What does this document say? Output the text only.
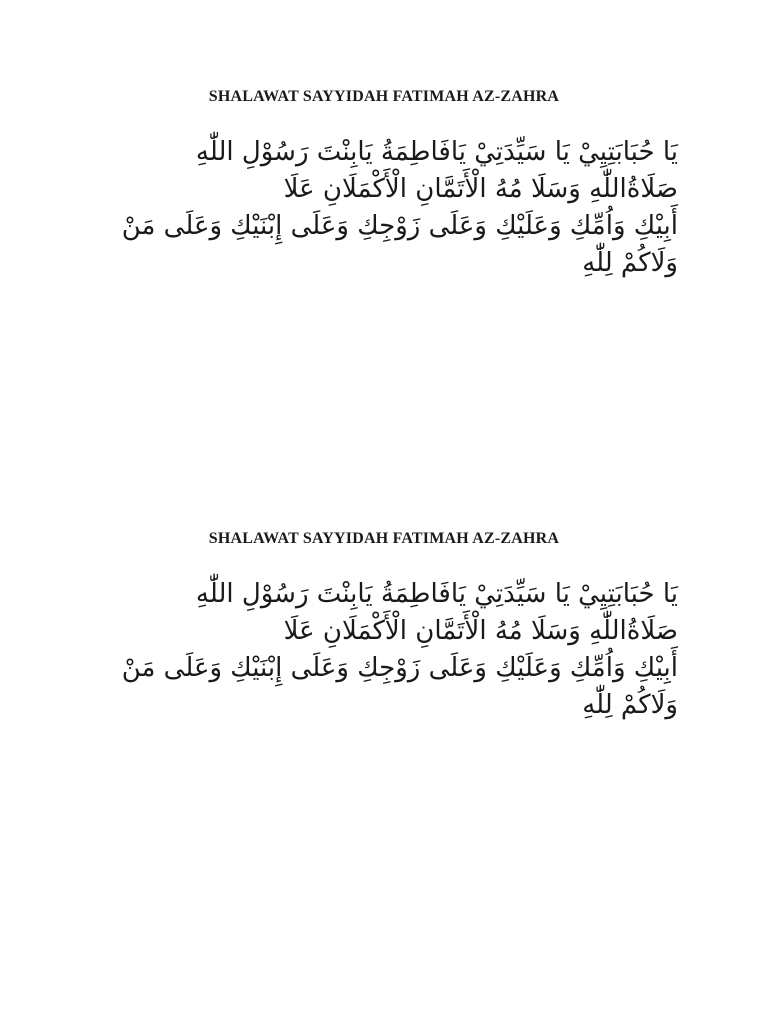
SHALAWAT SAYYIDAH FATIMAH AZ-ZAHRA
يَا حُبَابَتِيِيْ يَا سَيِّدَتِيْ يَافَاطِمَةُ يَابِنْتَ رَسُوْلِ اللّٰهِ
صَلَاةُاللّٰهِ وَسَلَا مُهُ الْأَتَمَّانِ الْأَكْمَلَانِ عَلَا
أَبِيْكِ وَاُمِّكِ وَعَلَيْكِ وَعَلَى زَوْجِكِ وَعَلَى إِبْنَيْكِ وَعَلَى مَنْ
وَلَاكُمْ لِلّٰهِ
SHALAWAT SAYYIDAH FATIMAH AZ-ZAHRA
يَا حُبَابَتِيِيْ يَا سَيِّدَتِيْ يَافَاطِمَةُ يَابِنْتَ رَسُوْلِ اللّٰهِ
صَلَاةُاللّٰهِ وَسَلَا مُهُ الْأَتَمَّانِ الْأَكْمَلَانِ عَلَا
أَبِيْكِ وَاُمِّكِ وَعَلَيْكِ وَعَلَى زَوْجِكِ وَعَلَى إِبْنَيْكِ وَعَلَى مَنْ
وَلَاكُمْ لِلّٰهِ
